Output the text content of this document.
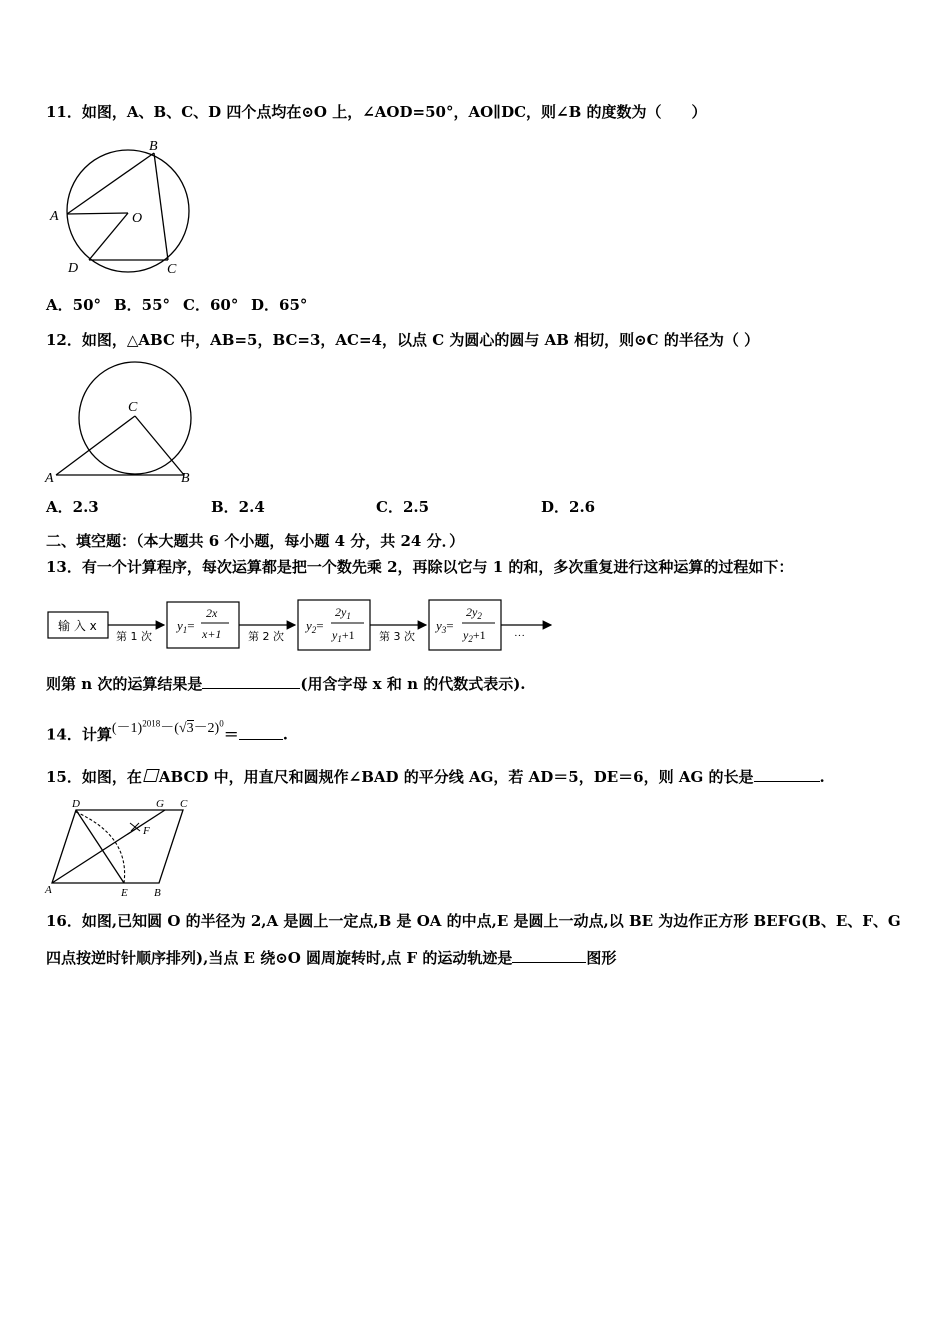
11．如图，A、B、C、D 四个点均在⊙O 上，∠AOD=50°，AO∥DC，则∠B 的度数为（　　）
B
A	O
D	C
A．50° B．55° C．60° D．65°
12．如图，△ABC 中，AB=5，BC=3，AC=4，以点 C 为圆心的圆与 AB 相切，则⊙C 的半径为（ ）
C
A	B
A．2.3	B．2.4	C．2.5	D．2.6
二、填空题：（本大题共 6 个小题，每小题 4 分，共 24 分．）
13．有一个计算程序，每次运算都是把一个数先乘 2，再除以它与 1 的和，多次重复进行这种运算的过程如下：
输 入 x
第 1 次
$y_1=$
2x
x+1 第 2 次
$y_2=$
$2y_1$
$y_1+1$ 第 3 次
$y_3=$
$2y_2$
$y_2+1$	···
则第 n 次的运算结果是	(用含字母 x 和 n 的代数式表示).
14．计算$(-1)^{2018}-(√3-2)^0=$	.
15．如图，在 ABCD 中，用直尺和圆规作∠BAD 的平分线 AG，若 AD＝5，DE＝6，则 AG 的长是	.
D	G C
F
A	E B
16．如图,已知圆 O 的半径为 2,A 是圆上一定点,B 是 OA 的中点,E 是圆上一动点,以 BE 为边作正方形 BEFG(B、E、F、G
四点按逆时针顺序排列),当点 E 绕⊙O 圆周旋转时,点 F 的运动轨迹是	图形
